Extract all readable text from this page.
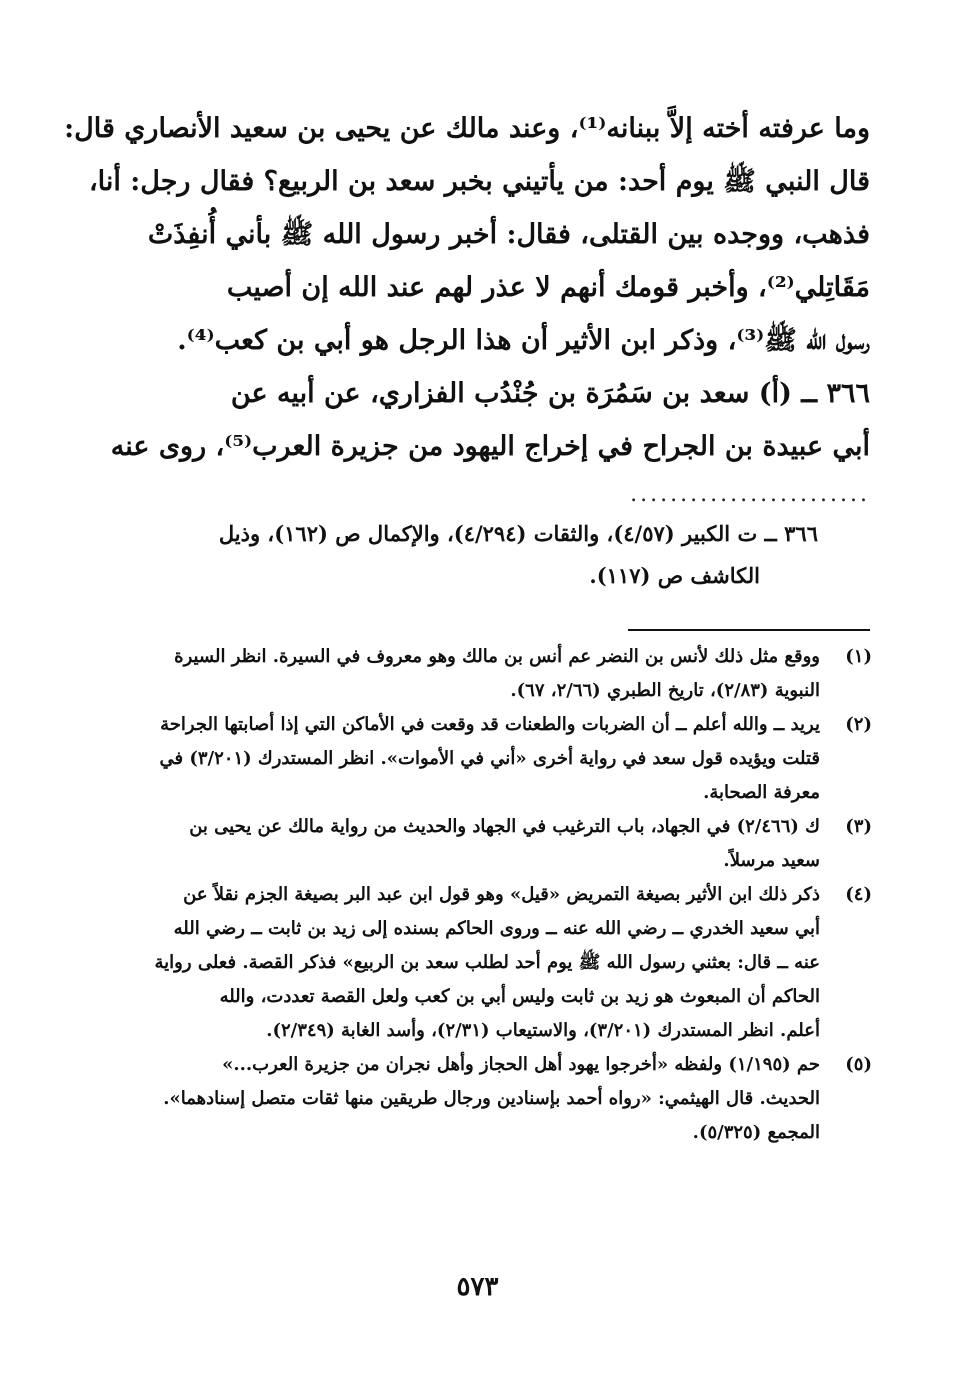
وما عرفته أخته إلاَّ ببنانه⁽¹⁾، وعند مالك عن يحيى بن سعيد الأنصاري قال:
قال النبي ﷺ يوم أحد: من يأتيني بخبر سعد بن الربيع؟ فقال رجل: أنا،
فذهب، ووجده بين القتلى، فقال: أخبر رسول الله ﷺ بأني أُنفِذَتْ
مَقَاتِلي⁽²⁾، وأخبر قومك أنهم لا عذر لهم عند الله إن أصيب
رسول الله ﷺ⁽³⁾، وذكر ابن الأثير أن هذا الرجل هو أبي بن كعب⁽⁴⁾.
٣٦٦ ــ (أ) سعد بن سَمُرَة بن جُنْدُب الفزاري، عن أبيه عن
أبي عبيدة بن الجراح في إخراج اليهود من جزيرة العرب⁽⁵⁾، روى عنه
........................
٣٦٦ ــ ت الكبير (٤/٥٧)، والثقات (٤/٢٩٤)، والإكمال ص (١٦٢)، وذيل
الكاشف ص (١١٧).
(١)
ووقع مثل ذلك لأنس بن النضر عم أنس بن مالك وهو معروف في السيرة. انظر السيرة
النبوية (٢/٨٣)، تاريخ الطبري (٢/٦٦، ٦٧).
(٢)
يريد ــ والله أعلم ــ أن الضربات والطعنات قد وقعت في الأماكن التي إذا أصابتها الجراحة
قتلت ويؤيده قول سعد في رواية أخرى «أني في الأموات». انظر المستدرك (٣/٢٠١) في
معرفة الصحابة.
(٣)
ك (٢/٤٦٦) في الجهاد، باب الترغيب في الجهاد والحديث من رواية مالك عن يحيى بن
سعيد مرسلاً.
(٤)
ذكر ذلك ابن الأثير بصيغة التمريض «قيل» وهو قول ابن عبد البر بصيغة الجزم نقلاً عن
أبي سعيد الخدري ــ رضي الله عنه ــ وروى الحاكم بسنده إلى زيد بن ثابت ــ رضي الله
عنه ــ قال: بعثني رسول الله ﷺ يوم أحد لطلب سعد بن الربيع» فذكر القصة. فعلى رواية
الحاكم أن المبعوث هو زيد بن ثابت وليس أبي بن كعب ولعل القصة تعددت، والله
أعلم. انظر المستدرك (٣/٢٠١)، والاستيعاب (٢/٣١)، وأسد الغابة (٢/٣٤٩).
(٥)
حم (١/١٩٥) ولفظه «أخرجوا يهود أهل الحجاز وأهل نجران من جزيرة العرب...»
الحديث. قال الهيثمي: «رواه أحمد بإسنادين ورجال طريقين منها ثقات متصل إسنادهما».
المجمع (٥/٣٢٥).
٥٧٣
